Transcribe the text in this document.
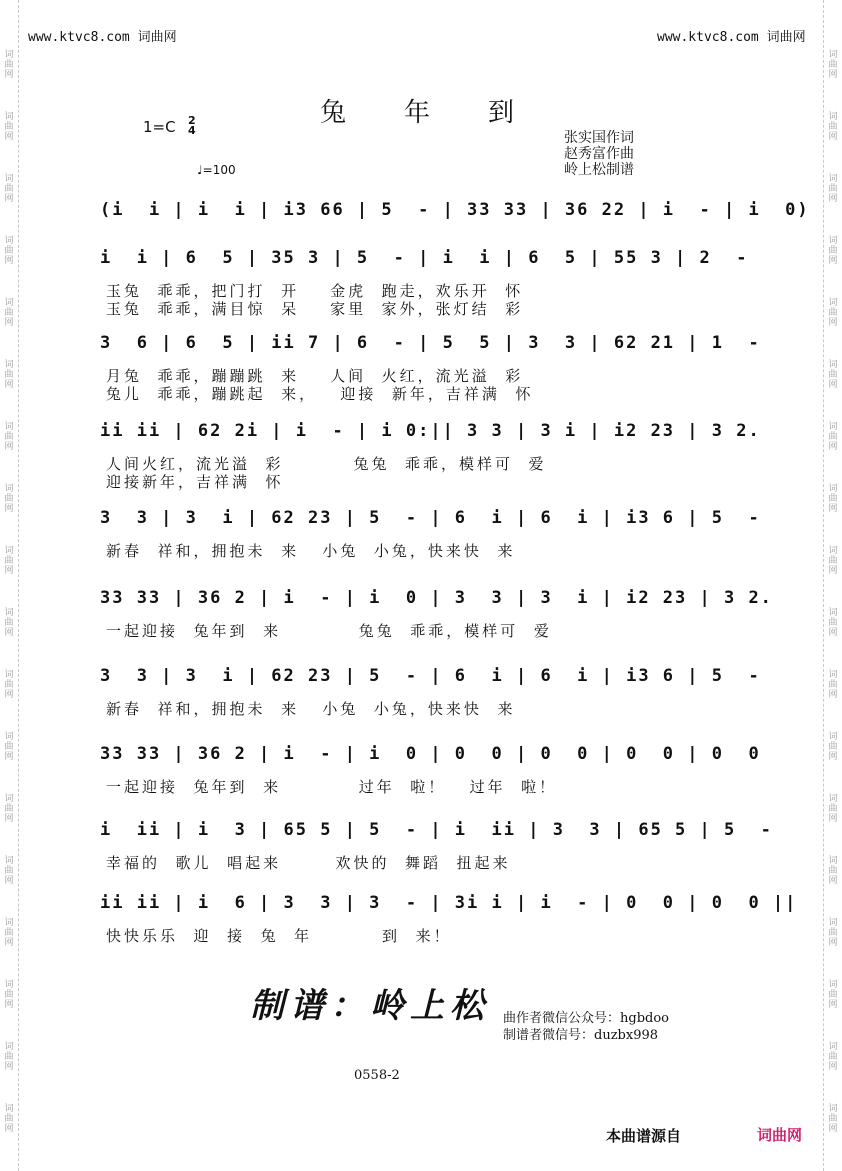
词曲网
词曲网
词曲网
词曲网
词曲网
词曲网
词曲网
词曲网
词曲网
词曲网
词曲网
词曲网
词曲网
词曲网
词曲网
词曲网
词曲网
词曲网
词曲网
词曲网
词曲网
词曲网
词曲网
词曲网
词曲网
词曲网
词曲网
词曲网
词曲网
词曲网
词曲网
词曲网
词曲网
词曲网
词曲网
词曲网
www.ktvc8.com 词曲网	www.ktvc8.com 词曲网
兔年到
1=C 2
4
♩=100
张实国作词
赵秀富作曲
岭上松制谱
(i  i | i  i | i3 66 | 5  - | 33 33 | 36 22 | i  - | i  0)
i  i | 6  5 | 35 3 | 5  - | i  i | 6  5 | 55 3 | 2  -
玉兔  乖乖，把门打  开    金虎  跑走，欢乐开  怀
玉兔  乖乖，满目惊  呆    家里  家外，张灯结  彩
3  6 | 6  5 | ii 7 | 6  - | 5  5 | 3  3 | 62 21 | 1  -
月兔  乖乖，蹦蹦跳  来    人间  火红，流光溢  彩
兔儿  乖乖，蹦跳起  来，   迎接  新年，吉祥满  怀
ii ii | 62 2i | i  - | i 0:|| 3 3 | 3 i | i2 23 | 3 2.
人间火红，流光溢  彩         兔兔  乖乖，模样可  爱
迎接新年，吉祥满  怀
3  3 | 3  i | 62 23 | 5  - | 6  i | 6  i | i3 6 | 5  -
新春  祥和，拥抱未  来   小兔  小兔，快来快  来
33 33 | 36 2 | i  - | i  0 | 3  3 | 3  i | i2 23 | 3 2.
一起迎接  兔年到  来          兔兔  乖乖，模样可  爱
3  3 | 3  i | 62 23 | 5  - | 6  i | 6  i | i3 6 | 5  -
新春  祥和，拥抱未  来   小兔  小兔，快来快  来
33 33 | 36 2 | i  - | i  0 | 0  0 | 0  0 | 0  0 | 0  0
一起迎接  兔年到  来          过年  啦！   过年  啦！
i  ii | i  3 | 65 5 | 5  - | i  ii | 3  3 | 65 5 | 5  -
幸福的  歌儿  唱起来       欢快的  舞蹈  扭起来
ii ii | i  6 | 3  3 | 3  - | 3i i | i  - | 0  0 | 0  0 ||
快快乐乐  迎  接  兔  年         到  来！
制谱：岭上松 曲作者微信公众号：hgbdoo
制谱者微信号：duzbx998
0558-2
本曲谱源自	词曲网
